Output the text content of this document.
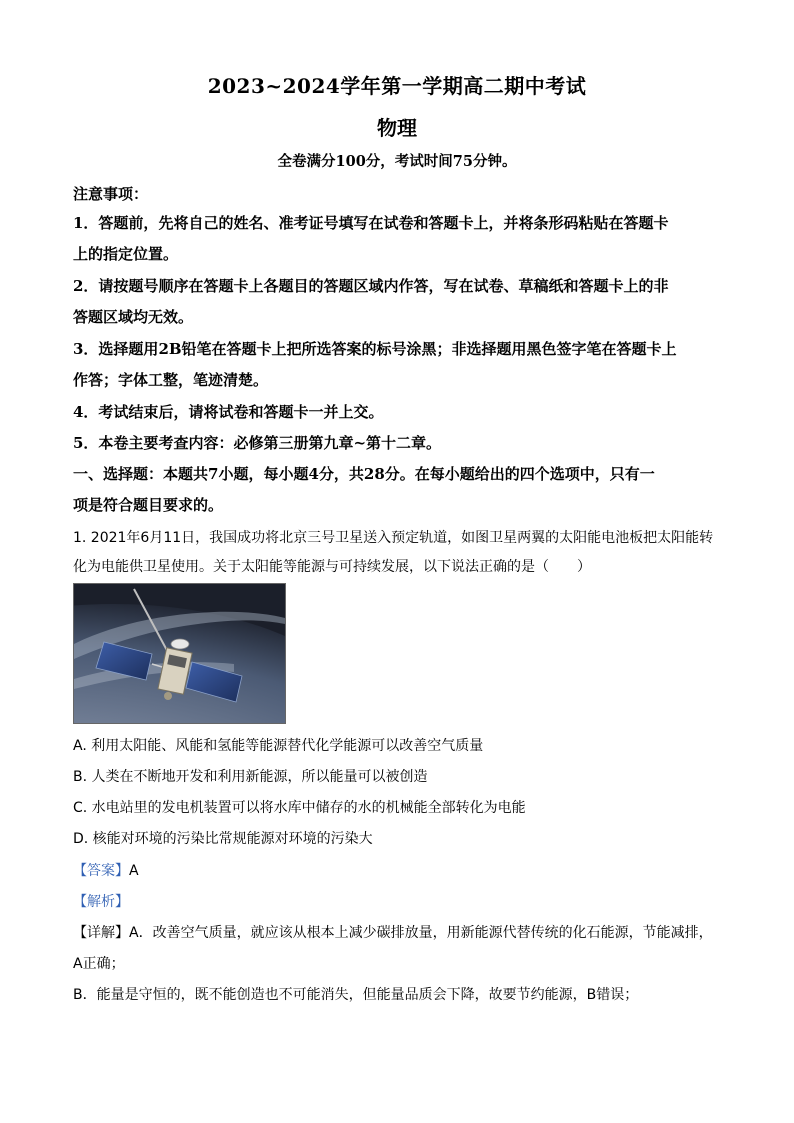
2023~2024学年第一学期高二期中考试
物理
全卷满分100分，考试时间75分钟。
注意事项：
1．答题前，先将自己的姓名、准考证号填写在试卷和答题卡上，并将条形码粘贴在答题卡
上的指定位置。
2．请按题号顺序在答题卡上各题目的答题区域内作答，写在试卷、草稿纸和答题卡上的非
答题区域均无效。
3．选择题用2B铅笔在答题卡上把所选答案的标号涂黑；非选择题用黑色签字笔在答题卡上
作答；字体工整，笔迹清楚。
4．考试结束后，请将试卷和答题卡一并上交。
5．本卷主要考查内容：必修第三册第九章~第十二章。
一、选择题：本题共7小题，每小题4分，共28分。在每小题给出的四个选项中，只有一
项是符合题目要求的。
1. 2021年6月11日，我国成功将北京三号卫星送入预定轨道，如图卫星两翼的太阳能电池板把太阳能转
化为电能供卫星使用。关于太阳能等能源与可持续发展，以下说法正确的是（　　）
A. 利用太阳能、风能和氢能等能源替代化学能源可以改善空气质量
B. 人类在不断地开发和利用新能源，所以能量可以被创造
C. 水电站里的发电机装置可以将水库中储存的水的机械能全部转化为电能
D. 核能对环境的污染比常规能源对环境的污染大
【答案】A
【解析】
【详解】A．改善空气质量，就应该从根本上减少碳排放量，用新能源代替传统的化石能源，节能减排，
A正确；
B．能量是守恒的，既不能创造也不可能消失，但能量品质会下降，故要节约能源，B错误；
